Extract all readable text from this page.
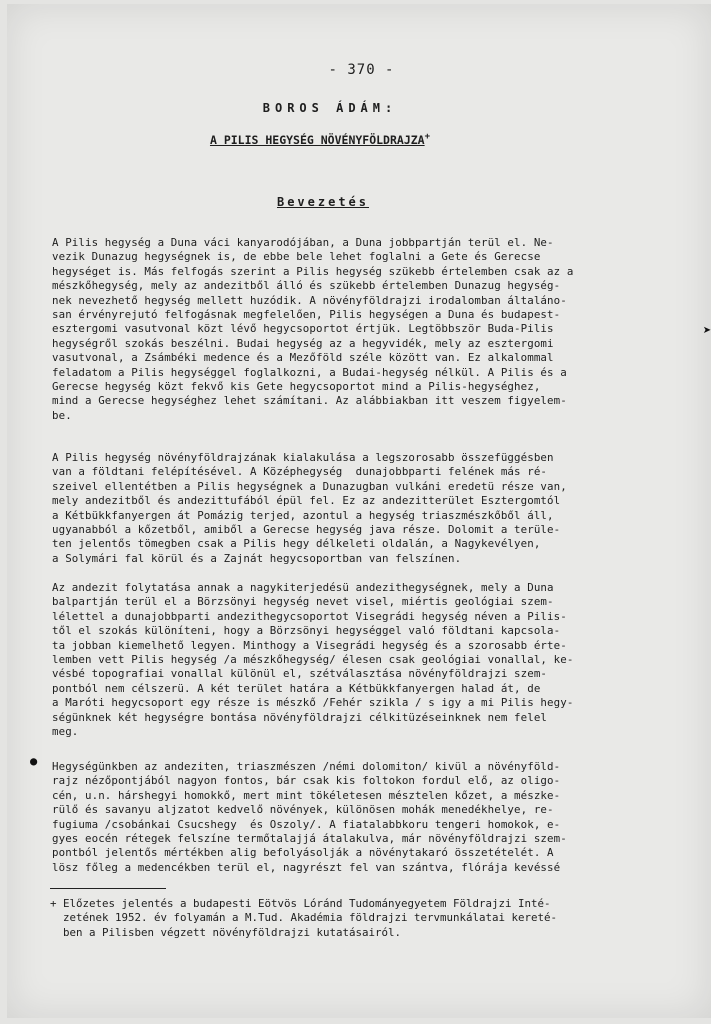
- 370 -
BOROS ÁDÁM:
A PILIS HEGYSÉG NÖVÉNYFÖLDRAJZA+
Bevezetés
A Pilis hegység a Duna váci kanyarodójában, a Duna jobbpartján terül el. Ne-
vezik Dunazug hegységnek is, de ebbe bele lehet foglalni a Gete és Gerecse
hegységet is. Más felfogás szerint a Pilis hegység szükebb értelemben csak az a
mészkőhegység, mely az andezitből álló és szükebb értelemben Dunazug hegység-
nek nevezhető hegység mellett huzódik. A növényföldrajzi irodalomban általáno-
san érvényrejutó felfogásnak megfelelően, Pilis hegységen a Duna és budapest-
esztergomi vasutvonal közt lévő hegycsoportot értjük. Legtöbbször Buda-Pilis
hegységről szokás beszélni. Budai hegység az a hegyvidék, mely az esztergomi
vasutvonal, a Zsámbéki medence és a Mezőföld széle között van. Ez alkalommal
feladatom a Pilis hegységgel foglalkozni, a Budai-hegység nélkül. A Pilis és a
Gerecse hegység közt fekvő kis Gete hegycsoportot mind a Pilis-hegységhez,
mind a Gerecse hegységhez lehet számítani. Az alábbiakban itt veszem figyelem-
be.
A Pilis hegység növényföldrajzának kialakulása a legszorosabb összefüggésben
van a földtani felépítésével. A Középhegység  dunajobbparti felének más ré-
szeivel ellentétben a Pilis hegységnek a Dunazugban vulkáni eredetü része van,
mely andezitből és andezittufából épül fel. Ez az andezitterület Esztergomtól
a Kétbükkfanyergen át Pomázig terjed, azontul a hegység triaszmészkőből áll,
ugyanabból a kőzetből, amiből a Gerecse hegység java része. Dolomit a terüle-
ten jelentős tömegben csak a Pilis hegy délkeleti oldalán, a Nagykevélyen,
a Solymári fal körül és a Zajnát hegycsoportban van felszínen.
Az andezit folytatása annak a nagykiterjedésü andezithegységnek, mely a Duna
balpartján terül el a Börzsönyi hegység nevet visel, miértis geológiai szem-
lélettel a dunajobbparti andezithegycsoportot Visegrádi hegység néven a Pilis-
től el szokás különíteni, hogy a Börzsönyi hegységgel való földtani kapcsola-
ta jobban kiemelhető legyen. Minthogy a Visegrádi hegység és a szorosabb érte-
lemben vett Pilis hegység /a mészkőhegység/ élesen csak geológiai vonallal, ke-
vésbé topografiai vonallal különül el, szétválasztása növényföldrajzi szem-
pontból nem célszerü. A két terület határa a Kétbükkfanyergen halad át, de
a Maróti hegycsoport egy része is mészkő /Fehér szikla / s igy a mi Pilis hegy-
ségünknek két hegységre bontása növényföldrajzi célkitüzéseinknek nem felel
meg.
Hegységünkben az andeziten, triaszmészen /némi dolomiton/ kivül a növényföld-
rajz nézőpontjából nagyon fontos, bár csak kis foltokon fordul elő, az oligo-
cén, u.n. hárshegyi homokkő, mert mint tökéletesen mésztelen kőzet, a mészke-
rülő és savanyu aljzatot kedvelő növények, különösen mohák menedékhelye, re-
fugiuma /csobánkai Csucshegy  és Oszoly/. A fiatalabbkoru tengeri homokok, e-
gyes eocén rétegek felszíne termőtalajjá átalakulva, már növényföldrajzi szem-
pontból jelentős mértékben alig befolyásolják a növénytakaró összetételét. A
lösz főleg a medencékben terül el, nagyrészt fel van szántva, flórája kevéssé
➤
●
+ Előzetes jelentés a budapesti Eötvös Lóránd Tudományegyetem Földrajzi Inté-
zetének 1952. év folyamán a M.Tud. Akadémia földrajzi tervmunkálatai kereté-
ben a Pilisben végzett növényföldrajzi kutatásairól.
